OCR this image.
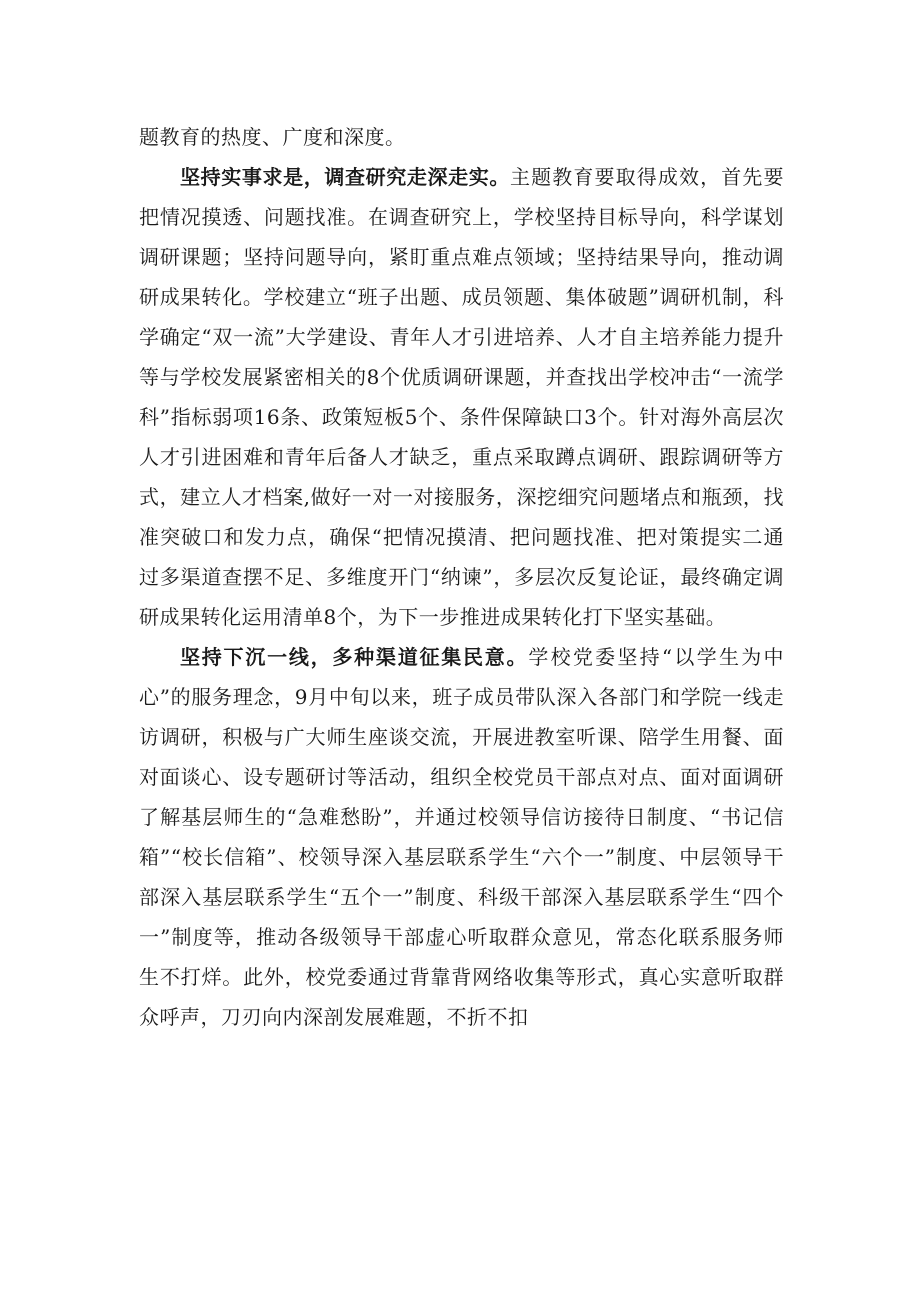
题教育的热度、广度和深度。

坚持实事求是，调查研究走深走实。主题教育要取得成效，首先要把情况摸透、问题找准。在调查研究上，学校坚持目标导向，科学谋划调研课题；坚持问题导向，紧盯重点难点领域；坚持结果导向，推动调研成果转化。学校建立“班子出题、成员领题、集体破题”调研机制，科学确定“双一流”大学建设、青年人才引进培养、人才自主培养能力提升等与学校发展紧密相关的8个优质调研课题，并查找出学校冲击“一流学科”指标弱项16条、政策短板5个、条件保障缺口3个。针对海外高层次人才引进困难和青年后备人才缺乏，重点采取蹲点调研、跟踪调研等方式，建立人才档案,做好一对一对接服务，深挖细究问题堵点和瓶颈，找准突破口和发力点，确保“把情况摸清、把问题找准、把对策提实二通过多渠道查摆不足、多维度开门“纳谏”，多层次反复论证，最终确定调研成果转化运用清单8个，为下一步推进成果转化打下坚实基础。

坚持下沉一线，多种渠道征集民意。学校党委坚持“以学生为中心”的服务理念，9月中旬以来，班子成员带队深入各部门和学院一线走访调研，积极与广大师生座谈交流，开展进教室听课、陪学生用餐、面对面谈心、设专题研讨等活动，组织全校党员干部点对点、面对面调研了解基层师生的“急难愁盼”，并通过校领导信访接待日制度、“书记信箱”“校长信箱”、校领导深入基层联系学生“六个一”制度、中层领导干部深入基层联系学生“五个一”制度、科级干部深入基层联系学生“四个一”制度等，推动各级领导干部虚心听取群众意见，常态化联系服务师生不打烊。此外，校党委通过背靠背网络收集等形式，真心实意听取群众呼声，刀刃向内深剖发展难题，不折不扣
